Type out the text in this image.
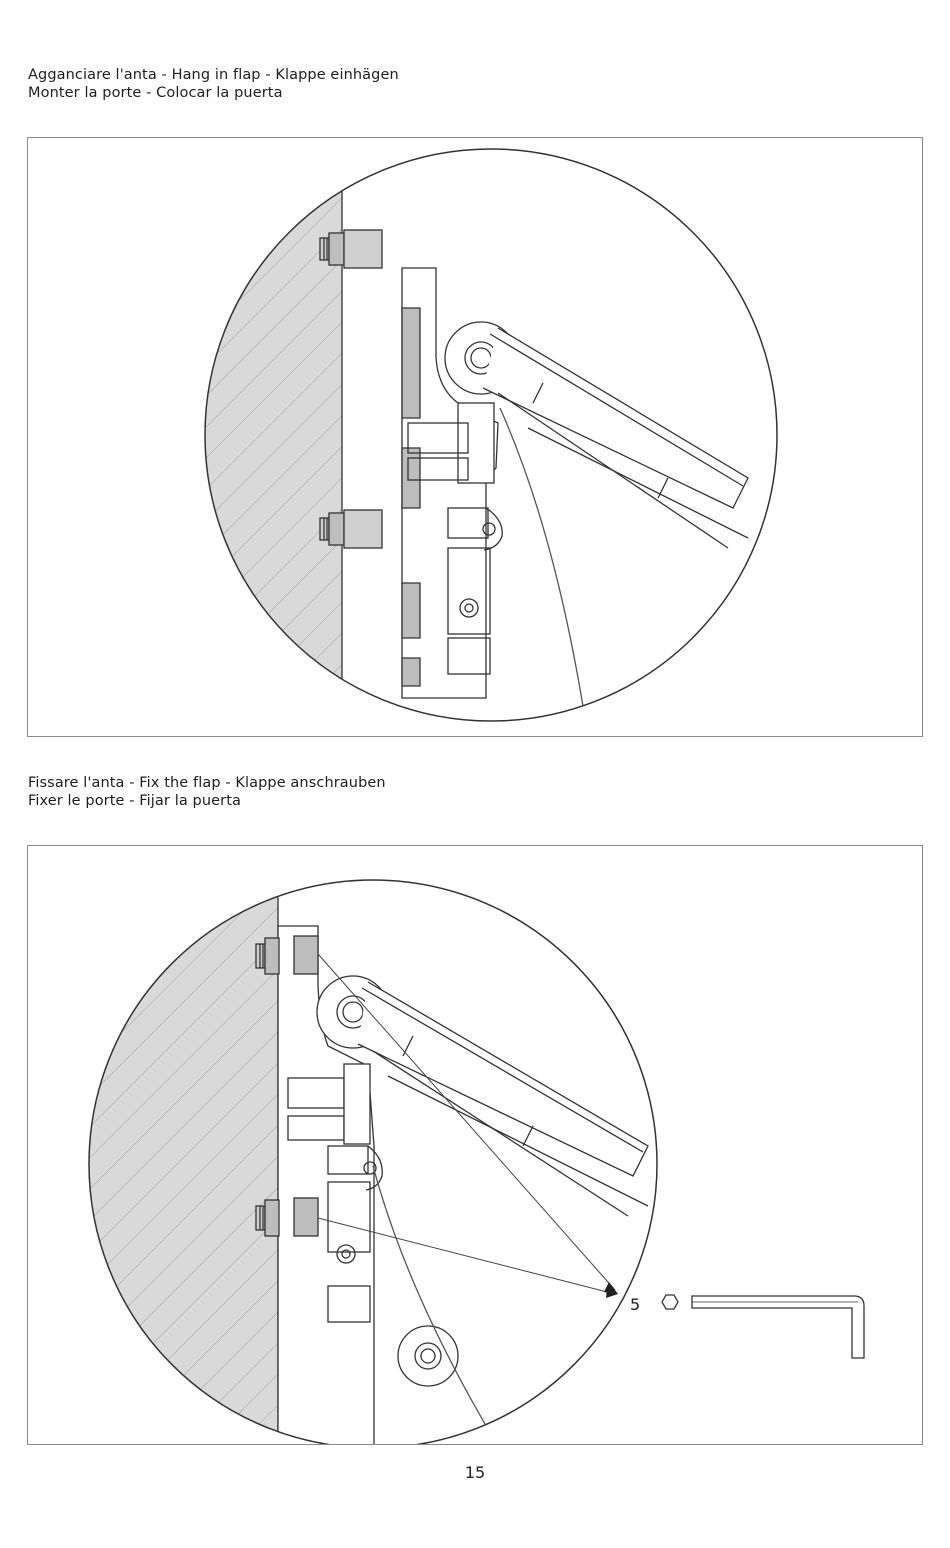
Agganciare l'anta - Hang in flap - Klappe einhägen
Monter la porte - Colocar la puerta
Fissare l'anta - Fix the flap - Klappe anschrauben
Fixer le porte - Fijar la puerta
5
15
